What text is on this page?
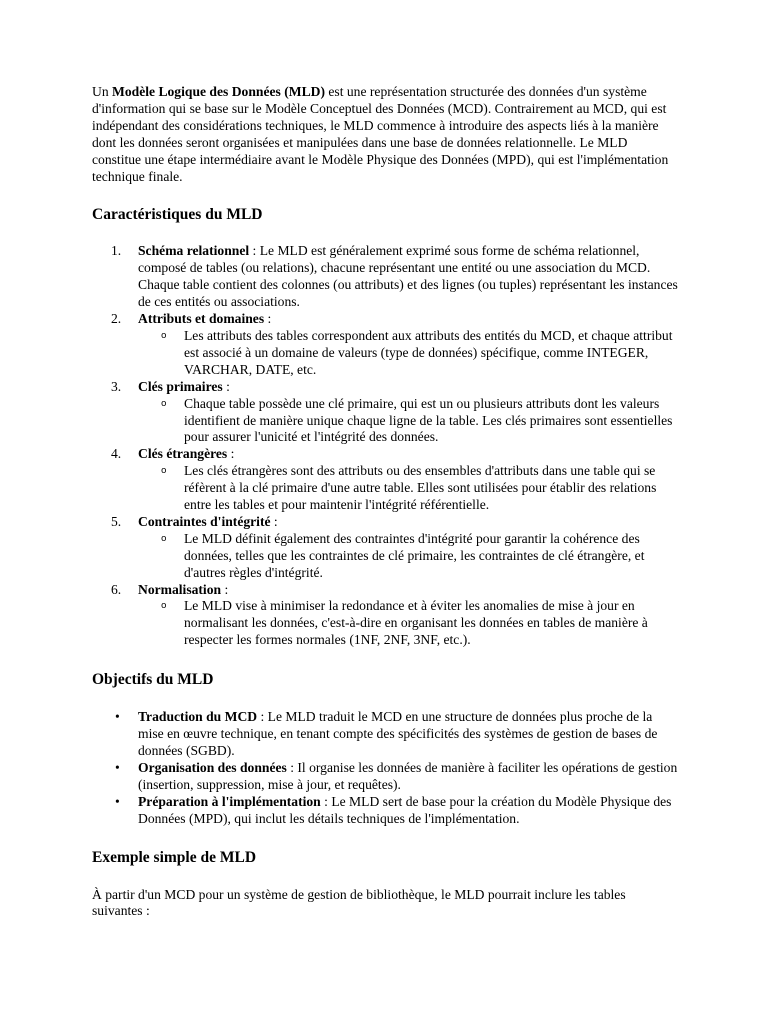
Un Modèle Logique des Données (MLD) est une représentation structurée des données d'un système d'information qui se base sur le Modèle Conceptuel des Données (MCD). Contrairement au MCD, qui est indépendant des considérations techniques, le MLD commence à introduire des aspects liés à la manière dont les données seront organisées et manipulées dans une base de données relationnelle. Le MLD constitue une étape intermédiaire avant le Modèle Physique des Données (MPD), qui est l'implémentation technique finale.

Caractéristiques du MLD
1. Schéma relationnel : Le MLD est généralement exprimé sous forme de schéma relationnel, composé de tables (ou relations), chacune représentant une entité ou une association du MCD. Chaque table contient des colonnes (ou attributs) et des lignes (ou tuples) représentant les instances de ces entités ou associations.
2. Attributs et domaines :
o Les attributs des tables correspondent aux attributs des entités du MCD, et chaque attribut est associé à un domaine de valeurs (type de données) spécifique, comme INTEGER, VARCHAR, DATE, etc.
3. Clés primaires :
o Chaque table possède une clé primaire, qui est un ou plusieurs attributs dont les valeurs identifient de manière unique chaque ligne de la table. Les clés primaires sont essentielles pour assurer l'unicité et l'intégrité des données.
4. Clés étrangères :
o Les clés étrangères sont des attributs ou des ensembles d'attributs dans une table qui se réfèrent à la clé primaire d'une autre table. Elles sont utilisées pour établir des relations entre les tables et pour maintenir l'intégrité référentielle.
5. Contraintes d'intégrité :
o Le MLD définit également des contraintes d'intégrité pour garantir la cohérence des données, telles que les contraintes de clé primaire, les contraintes de clé étrangère, et d'autres règles d'intégrité.
6. Normalisation :
o Le MLD vise à minimiser la redondance et à éviter les anomalies de mise à jour en normalisant les données, c'est-à-dire en organisant les données en tables de manière à respecter les formes normales (1NF, 2NF, 3NF, etc.).
Objectifs du MLD
• Traduction du MCD : Le MLD traduit le MCD en une structure de données plus proche de la mise en œuvre technique, en tenant compte des spécificités des systèmes de gestion de bases de données (SGBD).
• Organisation des données : Il organise les données de manière à faciliter les opérations de gestion (insertion, suppression, mise à jour, et requêtes).
• Préparation à l'implémentation : Le MLD sert de base pour la création du Modèle Physique des Données (MPD), qui inclut les détails techniques de l'implémentation.
Exemple simple de MLD

À partir d'un MCD pour un système de gestion de bibliothèque, le MLD pourrait inclure les tables suivantes :
